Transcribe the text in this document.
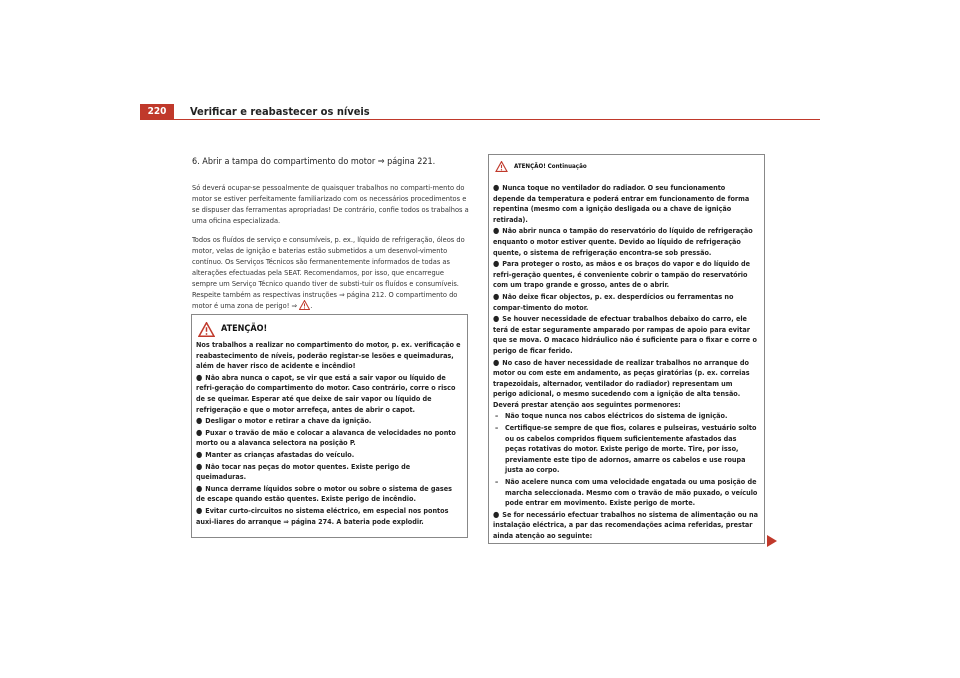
220	Verificar e reabastecer os níveis
6. Abrir a tampa do compartimento do motor ⇒ página 221.
Só deverá ocupar-se pessoalmente de quaisquer trabalhos no comparti-mento do motor se estiver perfeitamente familiarizado com os necessários procedimentos e se dispuser das ferramentas apropriadas! De contrário, confie todos os trabalhos a uma oficina especializada.
Todos os fluídos de serviço e consumíveis, p. ex., líquido de refrigeração, óleos do motor, velas de ignição e baterias estão submetidos a um desenvol-vimento contínuo. Os Serviços Técnicos são fermanentemente informados de todas as alterações efectuadas pela SEAT. Recomendamos, por isso, que encarregue sempre um Serviço Técnico quando tiver de substi-tuir os fluídos e consumíveis. Respeite também as respectivas instruções ⇒ página 212. O compartimento do motor é uma zona de perigo! ⇒ .
ATENÇÃO!
Nos trabalhos a realizar no compartimento do motor, p. ex. verificação e reabastecimento de níveis, poderão registar-se lesões e queimaduras, além de haver risco de acidente e incêndio!
● Não abra nunca o capot, se vir que está a sair vapor ou líquido de refri-geração do compartimento do motor. Caso contrário, corre o risco de se queimar. Esperar até que deixe de sair vapor ou líquido de refrigeração e que o motor arrefeça, antes de abrir o capot.
● Desligar o motor e retirar a chave da ignição.
● Puxar o travão de mão e colocar a alavanca de velocidades no ponto morto ou a alavanca selectora na posição P.
● Manter as crianças afastadas do veículo.
● Não tocar nas peças do motor quentes. Existe perigo de queimaduras.
● Nunca derrame líquidos sobre o motor ou sobre o sistema de gases de escape quando estão quentes. Existe perigo de incêndio.
● Evitar curto-circuitos no sistema eléctrico, em especial nos pontos auxi-liares do arranque ⇒ página 274. A bateria pode explodir.
ATENÇÃO! Continuação
● Nunca toque no ventilador do radiador. O seu funcionamento depende da temperatura e poderá entrar em funcionamento de forma repentina (mesmo com a ignição desligada ou a chave de ignição retirada).
● Não abrir nunca o tampão do reservatório do líquido de refrigeração enquanto o motor estiver quente. Devido ao líquido de refrigeração quente, o sistema de refrigeração encontra-se sob pressão.
● Para proteger o rosto, as mãos e os braços do vapor e do líquido de refri-geração quentes, é conveniente cobrir o tampão do reservatório com um trapo grande e grosso, antes de o abrir.
● Não deixe ficar objectos, p. ex. desperdícios ou ferramentas no compar-timento do motor.
● Se houver necessidade de efectuar trabalhos debaixo do carro, ele terá de estar seguramente amparado por rampas de apoio para evitar que se mova. O macaco hidráulico não é suficiente para o fixar e corre o perigo de ficar ferido.
● No caso de haver necessidade de realizar trabalhos no arranque do motor ou com este em andamento, as peças giratórias (p. ex. correias trapezoidais, alternador, ventilador do radiador) representam um perigo adicional, o mesmo sucedendo com a ignição de alta tensão. Deverá prestar atenção aos seguintes pormenores:
– Não toque nunca nos cabos eléctricos do sistema de ignição.
– Certifique-se sempre de que fios, colares e pulseiras, vestuário solto ou os cabelos compridos fiquem suficientemente afastados das peças rotativas do motor. Existe perigo de morte. Tire, por isso, previamente este tipo de adornos, amarre os cabelos e use roupa justa ao corpo.
– Não acelere nunca com uma velocidade engatada ou uma posição de marcha seleccionada. Mesmo com o travão de mão puxado, o veículo pode entrar em movimento. Existe perigo de morte.
● Se for necessário efectuar trabalhos no sistema de alimentação ou na instalação eléctrica, a par das recomendações acima referidas, prestar ainda atenção ao seguinte:
